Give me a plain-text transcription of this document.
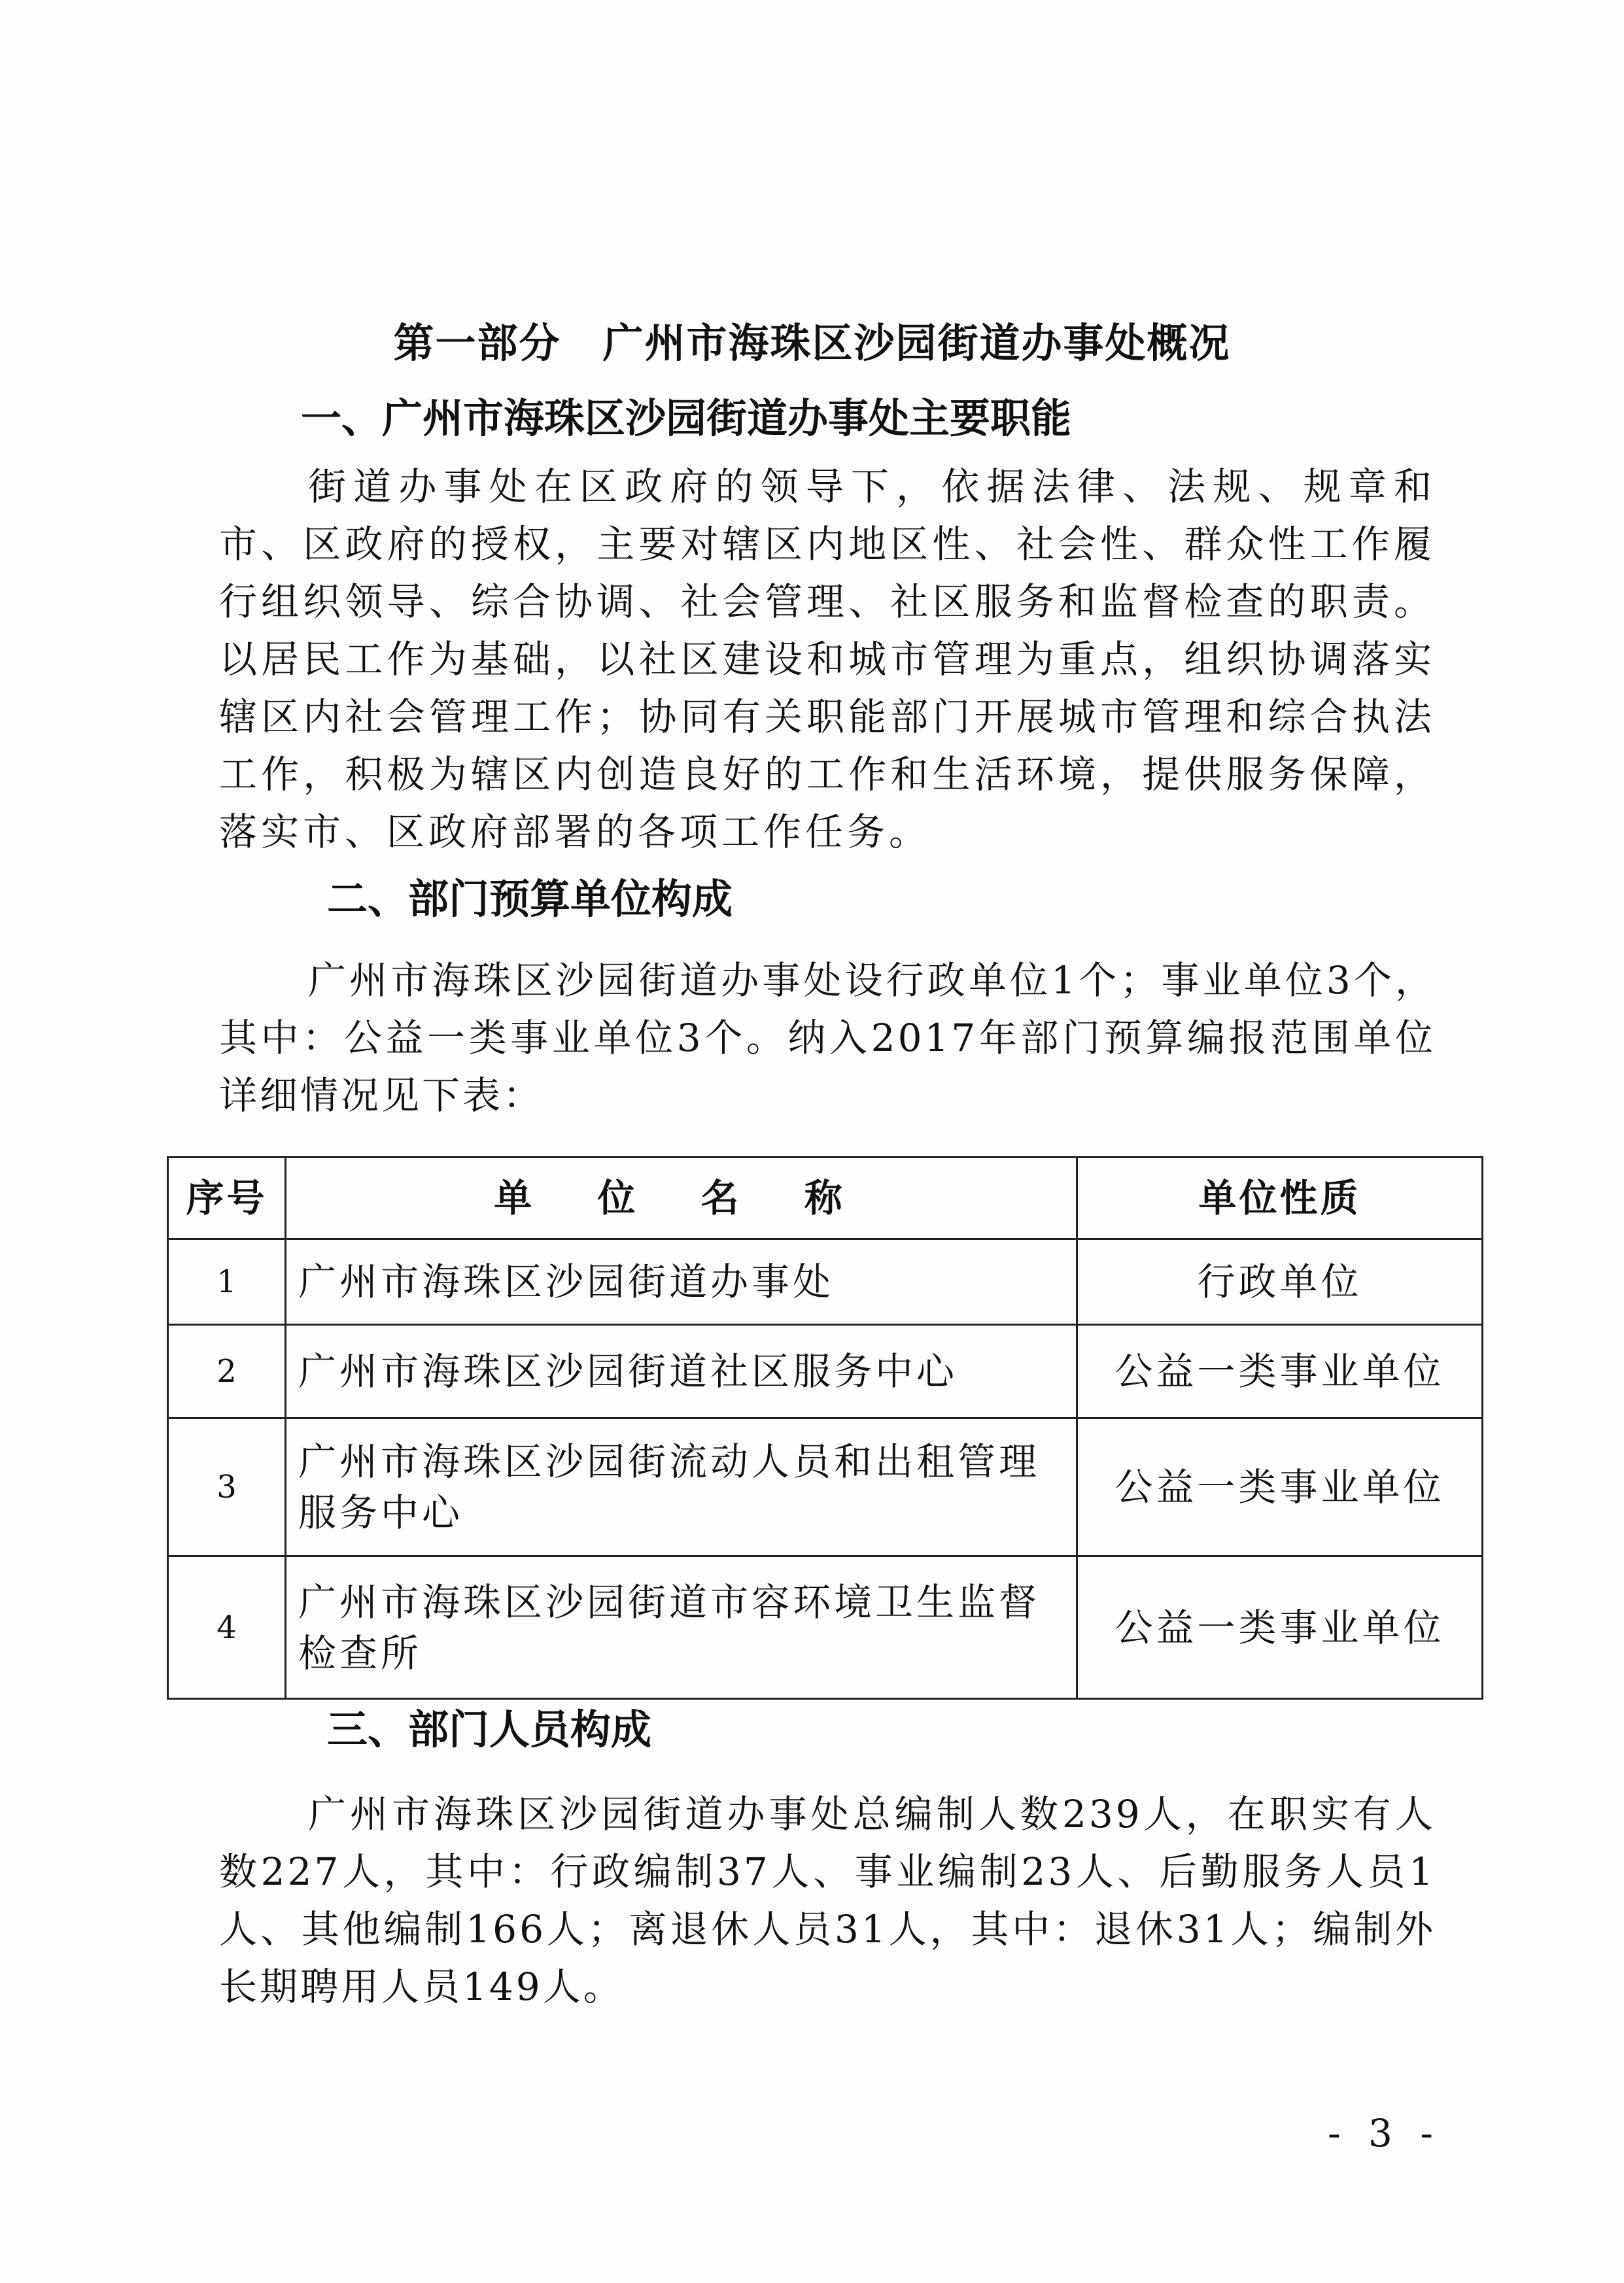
第一部分　广州市海珠区沙园街道办事处概况
一、广州市海珠区沙园街道办事处主要职能

街道办事处在区政府的领导下，依据法律、法规、规章和市、区政府的授权，主要对辖区内地区性、社会性、群众性工作履行组织领导、综合协调、社会管理、社区服务和监督检查的职责。以居民工作为基础，以社区建设和城市管理为重点，组织协调落实辖区内社会管理工作；协同有关职能部门开展城市管理和综合执法工作，积极为辖区内创造良好的工作和生活环境，提供服务保障，落实市、区政府部署的各项工作任务。

二、部门预算单位构成

广州市海珠区沙园街道办事处设行政单位1个；事业单位3个，其中：公益一类事业单位3个。纳入2017年部门预算编报范围单位详细情况见下表：

序号	单 位 名 称	单位性质
1	广州市海珠区沙园街道办事处	行政单位
2	广州市海珠区沙园街道社区服务中心	公益一类事业单位
3	广州市海珠区沙园街流动人员和出租管理服务中心	公益一类事业单位
4	广州市海珠区沙园街道市容环境卫生监督检查所	公益一类事业单位
三、部门人员构成

广州市海珠区沙园街道办事处总编制人数239人，在职实有人数227人，其中：行政编制37人、事业编制23人、后勤服务人员1人、其他编制166人；离退休人员31人，其中：退休31人；编制外长期聘用人员149人。

- 3 -
